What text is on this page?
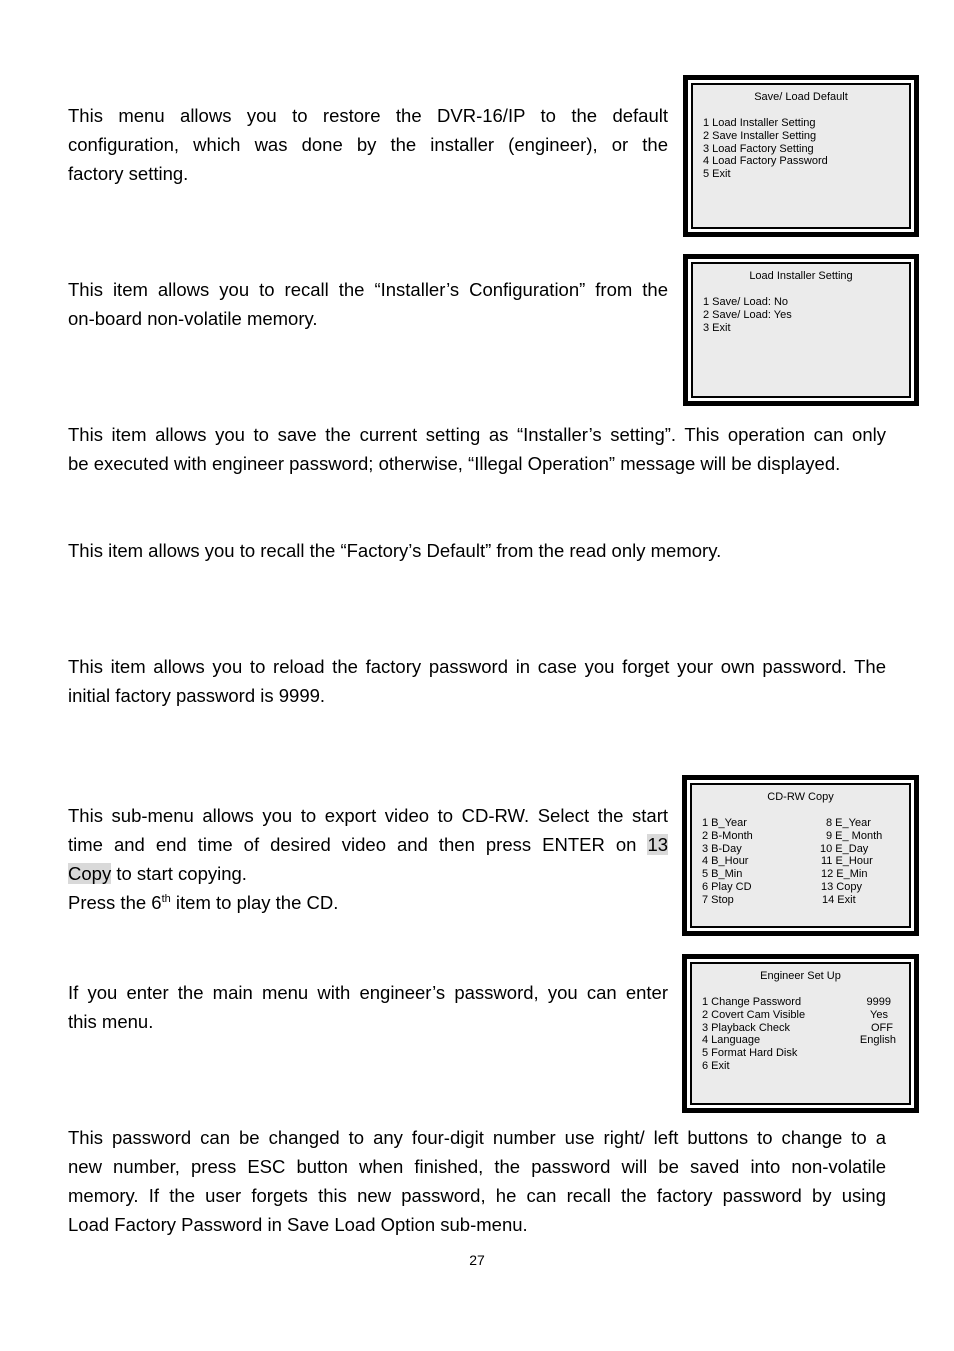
This menu allows you to restore the DVR-16/IP to the default
configuration, which was done by the installer (engineer), or the
factory setting.
Save/ Load Default
1 Load Installer Setting
2 Save Installer Setting
3 Load Factory Setting
4 Load Factory Password
5 Exit
This item allows you to recall the “Installer’s Configuration” from the
on-board non-volatile memory.
Load Installer Setting
1 Save/ Load: No
2 Save/ Load: Yes
3 Exit
This item allows you to save the current setting as “Installer’s setting”. This operation can only
be executed with engineer password; otherwise, “Illegal Operation” message will be displayed.
This item allows you to recall the “Factory’s Default” from the read only memory.
This item allows you to reload the factory password in case you forget your own password. The
initial factory password is 9999.
This sub-menu allows you to export video to CD-RW. Select the start
time and end time of desired video and then press ENTER on 13
Copy to start copying.
Press the 6th item to play the CD.
CD-RW Copy
1 B_Year	8 E_Year
2 B-Month	9 E_ Month
3 B-Day	10 E_Day
4 B_Hour	11 E_Hour
5 B_Min	12 E_Min
6 Play CD	13 Copy
7 Stop	14 Exit
If you enter the main menu with engineer’s password, you can enter
this menu.
Engineer Set Up
1 Change Password	9999
2 Covert Cam Visible	Yes
3 Playback Check	OFF
4 Language	English
5 Format Hard Disk
6 Exit
This password can be changed to any four-digit number use right/ left buttons to change to a
new number, press ESC button when finished, the password will be saved into non-volatile
memory. If the user forgets this new password, he can recall the factory password by using
Load Factory Password in Save Load Option sub-menu.
27
